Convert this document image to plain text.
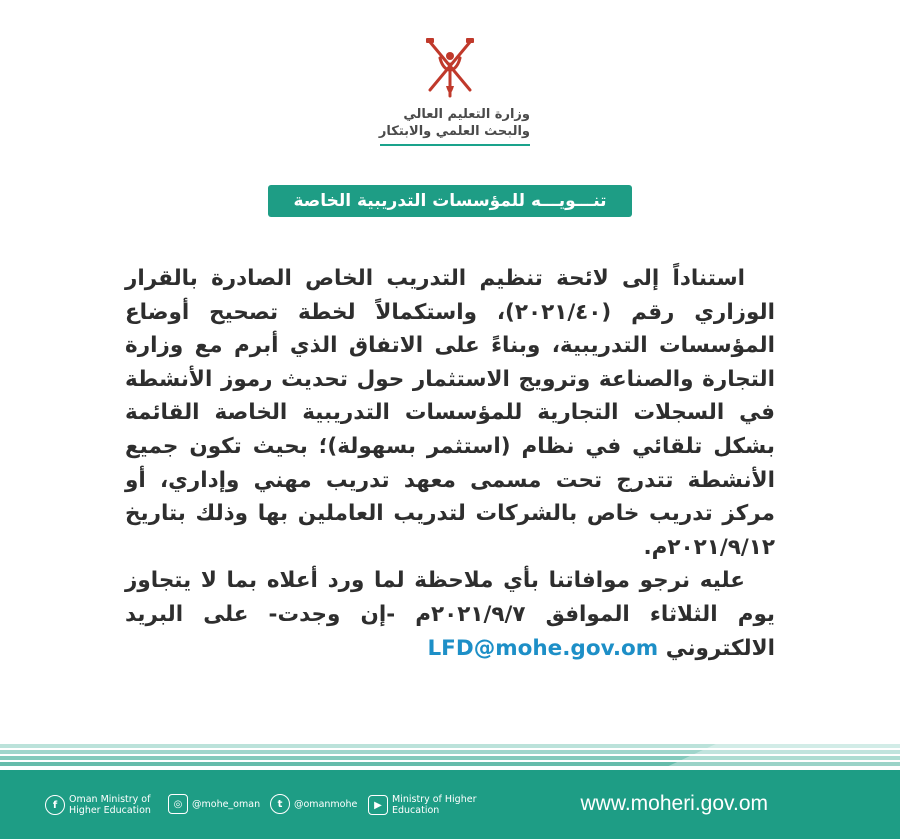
وزارة التعليم العالي
والبحث العلمي والابتكار
تنـــويـــه للمؤسسات التدريبية الخاصة

استناداً إلى لائحة تنظيم التدريب الخاص الصادرة بالقرار الوزاري رقم (٢٠٢١/٤٠)، واستكمالاً لخطة تصحيح أوضاع المؤسسات التدريبية، وبناءً على الاتفاق الذي أبرم مع وزارة التجارة والصناعة وترويج الاستثمار حول تحديث رموز الأنشطة في السجلات التجارية للمؤسسات التدريبية الخاصة القائمة بشكل تلقائي في نظام (استثمر بسهولة)؛ بحيث تكون جميع الأنشطة تتدرج تحت مسمى معهد تدريب مهني وإداري، أو مركز تدريب خاص بالشركات لتدريب العاملين بها وذلك بتاريخ ٢٠٢١/٩/١٢م.

عليه نرجو موافاتنا بأي ملاحظة لما ورد أعلاه بما لا يتجاوز يوم الثلاثاء الموافق ٢٠٢١/٩/٧م -إن وجدت- على البريد الالكتروني LFD@mohe.gov.om

f	Oman Ministry of
Higher Education
◎	@mohe_oman	t	@omanmohe	▶	Ministry of Higher
Education	www.moheri.gov.om
